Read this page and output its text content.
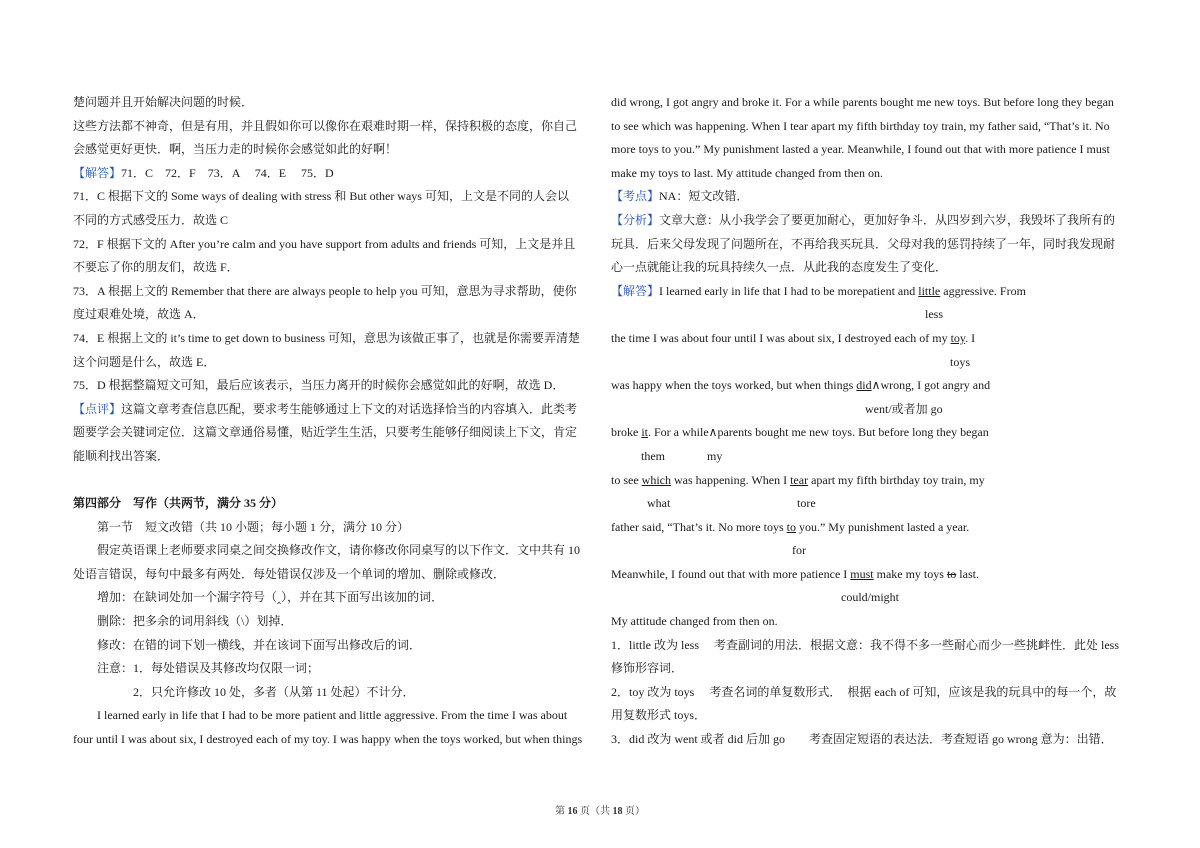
楚问题并且开始解决问题的时候．
这些方法都不神奇，但是有用，并且假如你可以像你在艰难时期一样，保持积极的态度，你自己
会感觉更好更快．啊，当压力走的时候你会感觉如此的好啊！
【解答】71．C　72．F　73．A　 74．E　 75．D
71．C 根据下文的 Some ways of dealing with stress 和 But other ways 可知，上文是不同的人会以
不同的方式感受压力．故选 C
72．F 根据下文的 After you’re calm and you have support from adults and friends 可知，上文是并且
不要忘了你的朋友们，故选 F．
73．A 根据上文的 Remember that there are always people to help you 可知，意思为寻求帮助，使你
度过艰难处境，故选 A．
74．E 根据上文的 it’s time to get down to business 可知，意思为该做正事了，也就是你需要弄清楚
这个问题是什么，故选 E．
75．D 根据整篇短文可知，最后应该表示，当压力离开的时候你会感觉如此的好啊，故选 D．
【点评】这篇文章考查信息匹配，要求考生能够通过上下文的对话选择恰当的内容填入．此类考
题要学会关键词定位．这篇文章通俗易懂，贴近学生生活，只要考生能够仔细阅读上下文，肯定
能顺利找出答案．
第四部分　写作（共两节，满分 35 分）
第一节　短文改错（共 10 小题；每小题 1 分，满分 10 分）
假定英语课上老师要求同桌之间交换修改作文，请你修改你同桌写的以下作文．文中共有 10
处语言错误，每句中最多有两处．每处错误仅涉及一个单词的增加、删除或修改．
增加：在缺词处加一个漏字符号（‸），并在其下面写出该加的词．
删除：把多余的词用斜线（\）划掉．
修改：在错的词下划一横线，并在该词下面写出修改后的词．
注意：1．每处错误及其修改均仅限一词；
2．只允许修改 10 处，多者（从第 11 处起）不计分．
I learned early in life that I had to be more patient and little aggressive. From the time I was about
four until I was about six, I destroyed each of my toy. I was happy when the toys worked, but when things
did wrong, I got angry and broke it. For a while parents bought me new toys. But before long they began
to see which was happening. When I tear apart my fifth birthday toy train, my father said, “That’s it. No
more toys to you.” My punishment lasted a year. Meanwhile, I found out that with more patience I must
make my toys to last. My attitude changed from then on.
【考点】NA：短文改错．
【分析】文章大意：从小我学会了要更加耐心，更加好争斗．从四岁到六岁，我毁坏了我所有的
玩具．后来父母发现了问题所在，不再给我买玩具．父母对我的惩罚持续了一年，同时我发现耐
心一点就能让我的玩具持续久一点．从此我的态度发生了变化．
【解答】I learned early in life that I had to be morepatient and little aggressive. From
less
the time I was about four until I was about six, I destroyed each of my toy. I
toys
was happy when the toys worked, but when things did∧wrong, I got angry and
went/或者加 go
broke it. For a while∧parents bought me new toys. But before long they began
them	my
to see which was happening. When I tear apart my fifth birthday toy train, my
what	tore
father said, “That’s it. No more toys to you.” My punishment lasted a year.
for
Meanwhile, I found out that with more patience I must make my toys to last.
could/might
My attitude changed from then on.
1．little 改为 less　 考查副词的用法．根据文意：我不得不多一些耐心而少一些挑衅性．此处 less
修饰形容词．
2．toy 改为 toys　 考查名词的单复数形式．　根据 each of 可知，应该是我的玩具中的每一个，故
用复数形式 toys．
3．did 改为 went 或者 did 后加 go　　考查固定短语的表达法．考查短语 go wrong 意为：出错．
第 16 页（共 18 页）
